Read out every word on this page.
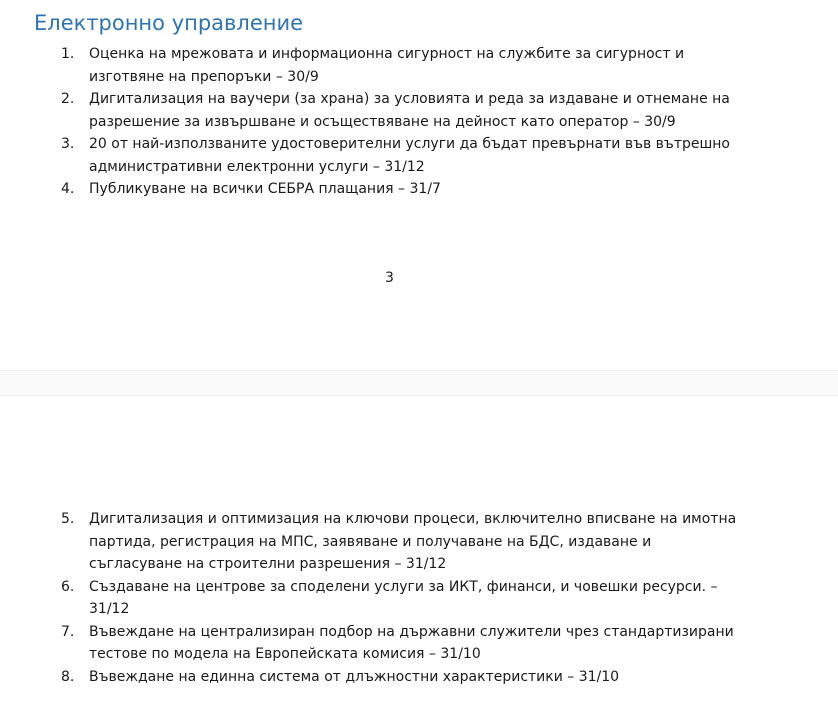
Електронно управление
1. Оценка на мрежовата и информационна сигурност на службите за сигурност и изготвяне на препоръки – 30/9
2. Дигитализация на ваучери (за храна) за условията и реда за издаване и отнемане на разрешение за извършване и осъществяване на дейност като оператор – 30/9
3. 20 от най-използваните удостоверителни услуги да бъдат превърнати във вътрешно административни електронни услуги – 31/12
4. Публикуване на всички СЕБРА плащания – 31/7
3
5. Дигитализация и оптимизация на ключови процеси, включително вписване на имотна партида, регистрация на МПС, заявяване и получаване на БДС, издаване и съгласуване на строителни разрешения – 31/12
6. Създаване на центрове за споделени услуги за ИКТ, финанси, и човешки ресурси. – 31/12
7. Въвеждане на централизиран подбор на държавни служители чрез стандартизирани тестове по модела на Европейската комисия – 31/10
8. Въвеждане на единна система от длъжностни характеристики – 31/10
